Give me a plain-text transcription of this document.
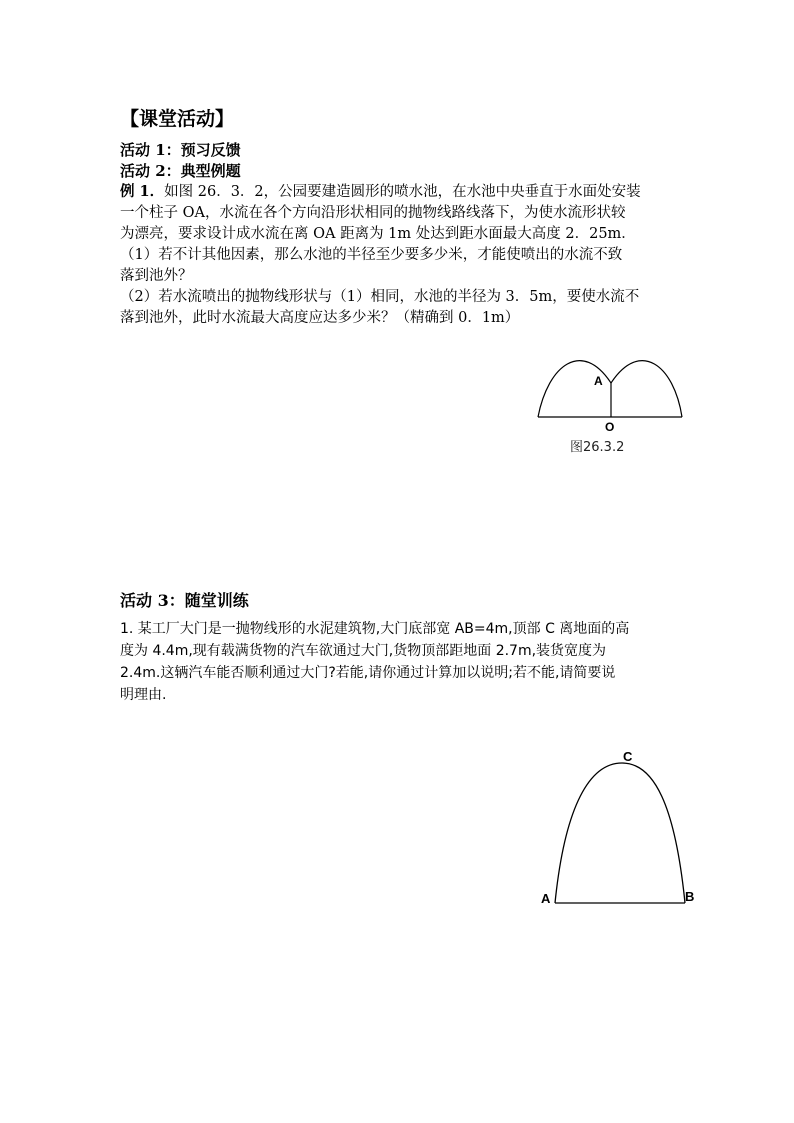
【课堂活动】
活动 1：预习反馈
活动 2：典型例题
例 1．如图 26．3．2，公园要建造圆形的喷水池，在水池中央垂直于水面处安装
一个柱子 OA，水流在各个方向沿形状相同的抛物线路线落下，为使水流形状较
为漂亮，要求设计成水流在离 OA 距离为 1m 处达到距水面最大高度 2．25m．
（1）若不计其他因素，那么水池的半径至少要多少米，才能使喷出的水流不致
落到池外？
（2）若水流喷出的抛物线形状与（1）相同，水池的半径为 3．5m，要使水流不
落到池外，此时水流最大高度应达多少米？（精确到 0．1m）
A
O
图26.3.2
活动 3：随堂训练
1. 某工厂大门是一抛物线形的水泥建筑物,大门底部宽 AB=4m,顶部 C 离地面的高
度为 4.4m,现有载满货物的汽车欲通过大门,货物顶部距地面 2.7m,装货宽度为
2.4m.这辆汽车能否顺利通过大门?若能,请你通过计算加以说明;若不能,请简要说
明理由.
A	B
C
